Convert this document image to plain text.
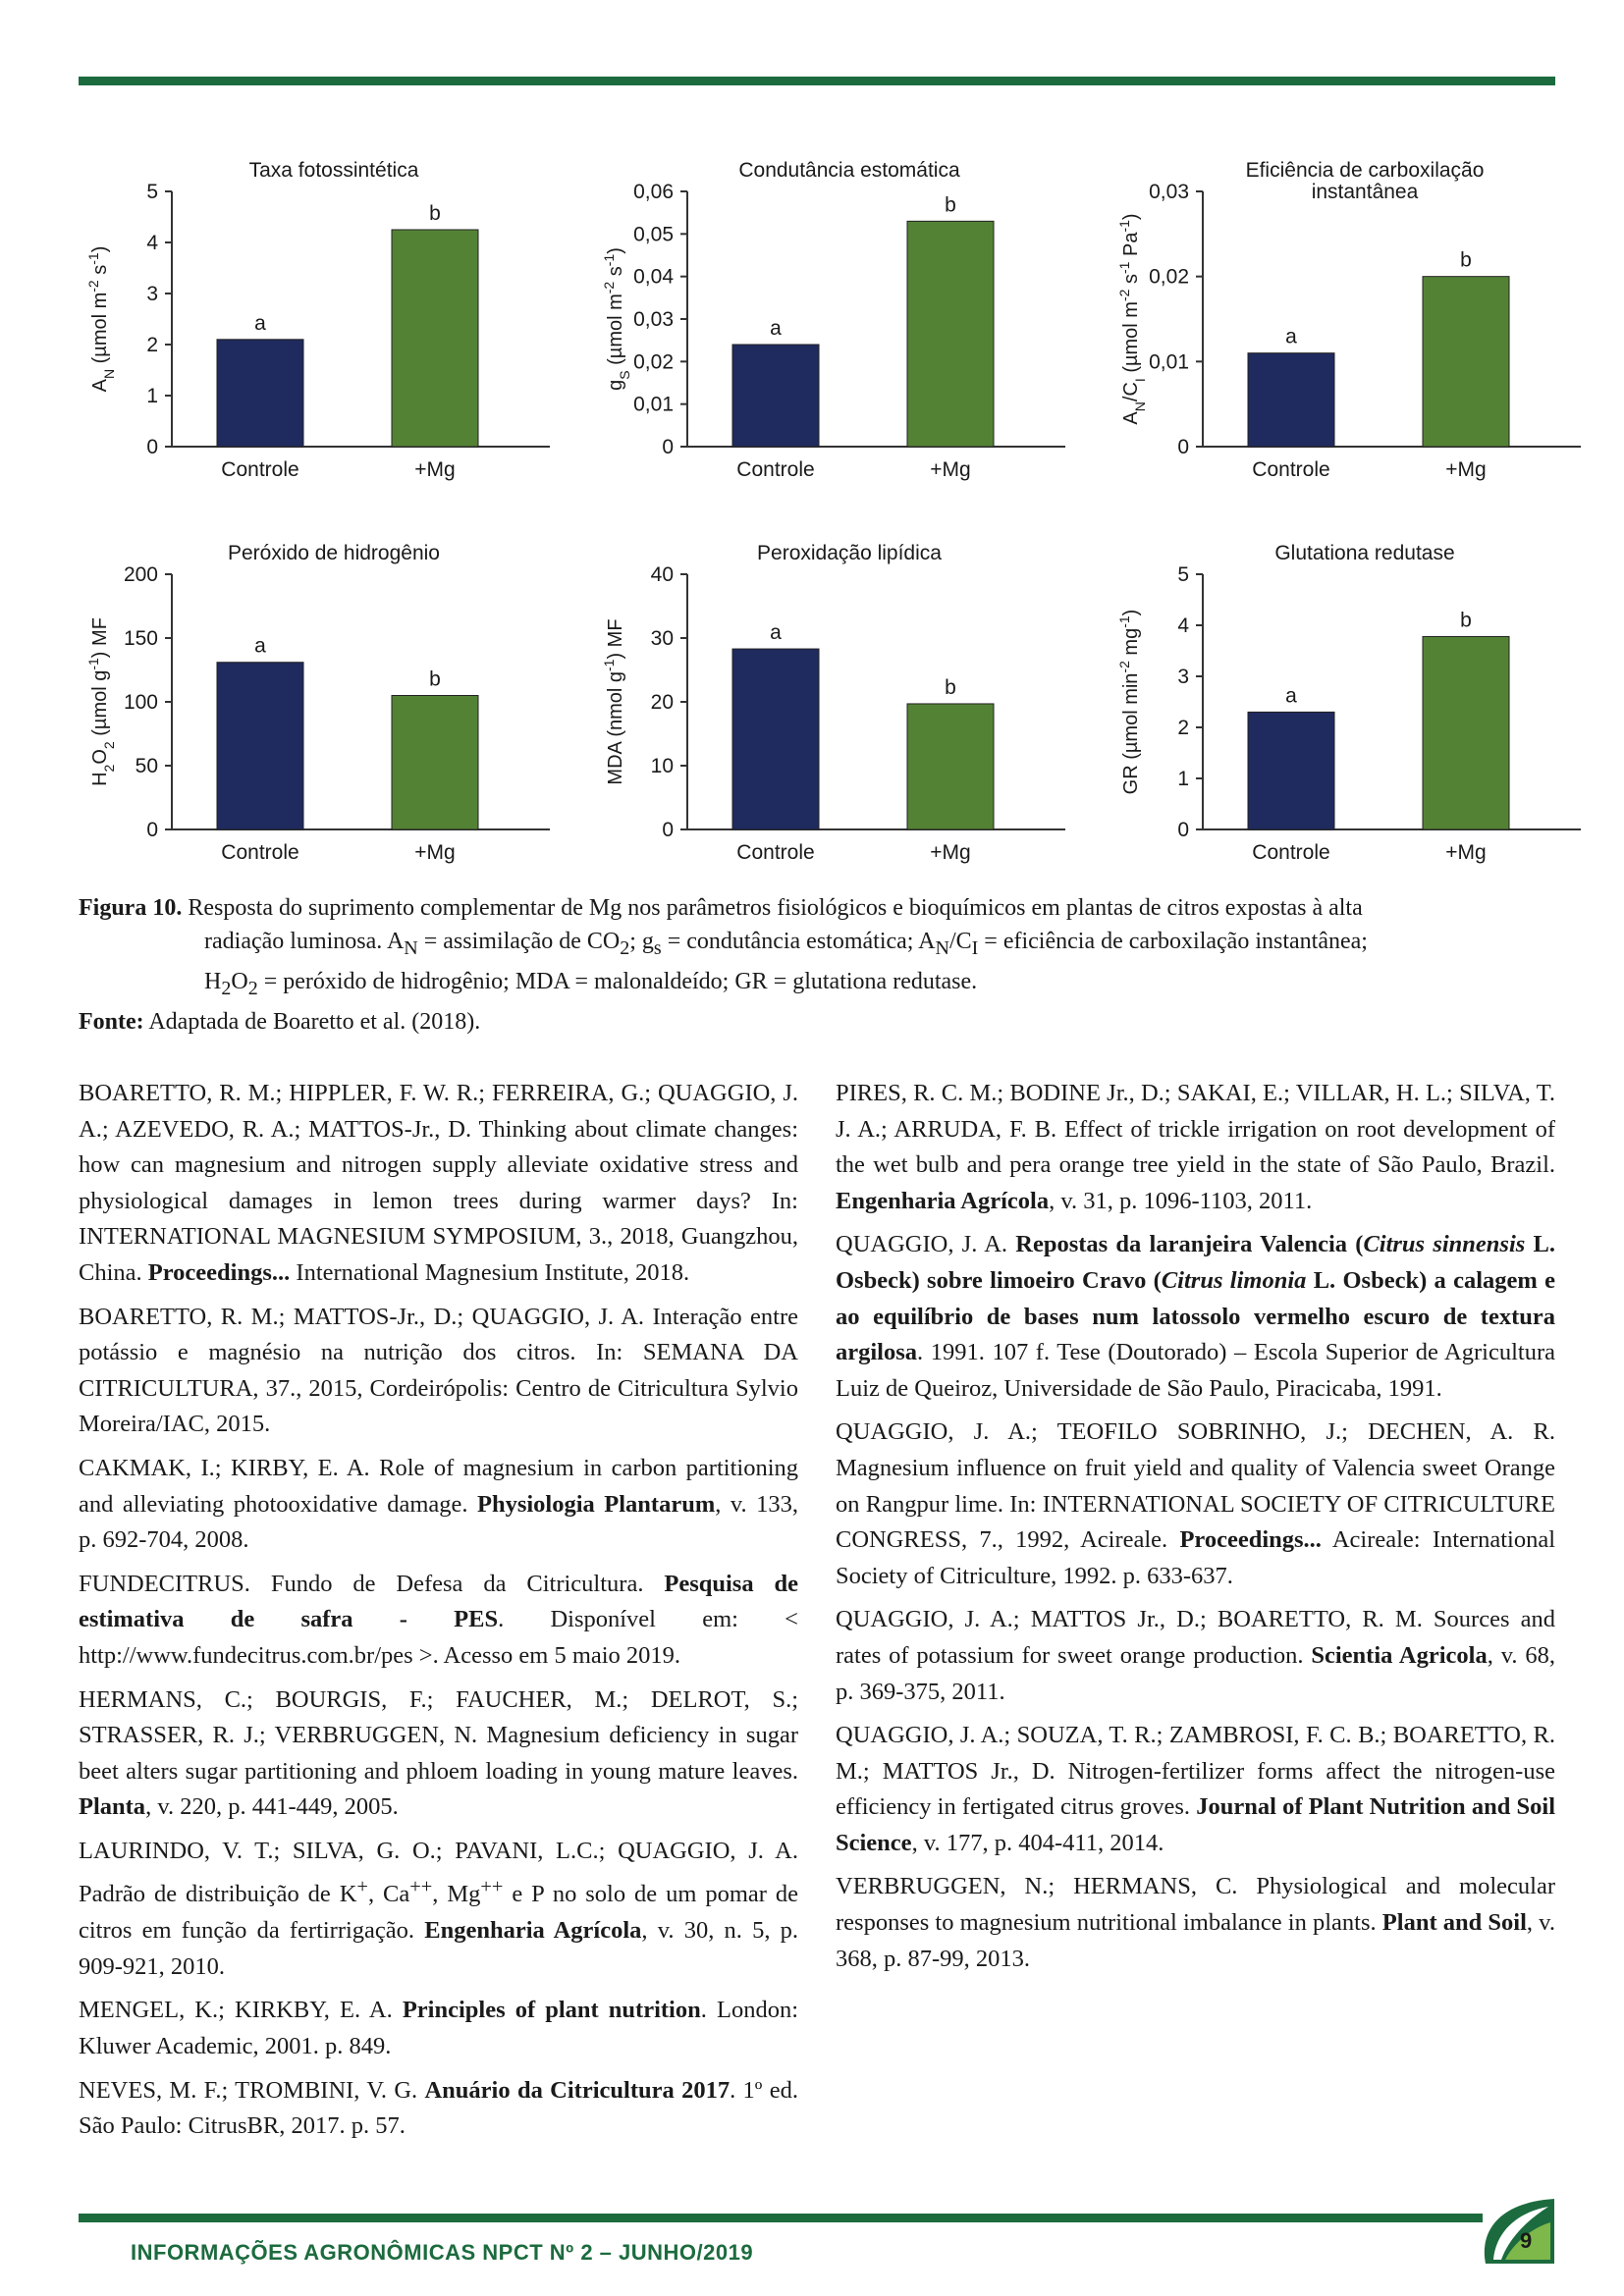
Taxa fotossintética
0
1
2
3
4
5
$A_N$ (µmol $m^{-2}$ $s^{-1}$)
a
Controle
b
+Mg
Condutância estomática
0
0,01
0,02
0,03
0,04
0,05
0,06
$g_S$ (µmol $m^{-2}$ $s^{-1}$)
a
Controle
b
+Mg
Eficiência de carboxilação
instantânea
0
0,01
0,02
0,03
$A_N/C_I$ (µmol $m^{-2}$ $s^{-1}$ $Pa^{-1}$)
a
Controle
b
+Mg
Peróxido de hidrogênio
0
50
100
150
200
$H_2O_2$ (µmol $g^{-1}$) MF	a
Controle
b
+Mg
Peroxidação lipídica
0
10
20
30
40
MDA (nmol $g^{-1}$) MF	a
Controle
b
+Mg
Glutationa redutase
0
1
2
3
4
5
GR (µmol $\min^{-2} mg^{-1}$)
a
Controle
b
+Mg
Figura 10. Resposta do suprimento complementar de Mg nos parâmetros fisiológicos e bioquímicos em plantas de citros expostas à alta
radiação luminosa. $A_N$ = assimilação de $CO_2$; $g_s$ = condutância estomática; $A_N/C_I$ = eficiência de carboxilação instantânea;
$H_2O_2$ = peróxido de hidrogênio; MDA = malonaldeído; GR = glutationa redutase.
Fonte: Adaptada de Boaretto et al. (2018).

BOARETTO, R. M.; HIPPLER, F. W. R.; FERREIRA, G.; QUAGGIO, J. A.; AZEVEDO, R. A.; MATTOS-Jr., D. Thinking about climate changes: how can magnesium and nitrogen supply alleviate oxidative stress and physiological damages in lemon trees during warmer days? In: INTERNATIONAL MAGNESIUM SYMPOSIUM, 3., 2018, Guangzhou, China. Proceedings... International Magnesium Institute, 2018.

BOARETTO, R. M.; MATTOS-Jr., D.; QUAGGIO, J. A. Interação entre potássio e magnésio na nutrição dos citros. In: SEMANA DA CITRICULTURA, 37., 2015, Cordeirópolis: Centro de Citricultura Sylvio Moreira/IAC, 2015.

CAKMAK, I.; KIRBY, E. A. Role of magnesium in carbon partitioning and alleviating photooxidative damage. Physiologia Plantarum, v. 133, p. 692-704, 2008.

FUNDECITRUS. Fundo de Defesa da Citricultura. Pesquisa de estimativa de safra - PES. Disponível em: < http://www.fundecitrus.com.br/pes >. Acesso em 5 maio 2019.

HERMANS, C.; BOURGIS, F.; FAUCHER, M.; DELROT, S.; STRASSER, R. J.; VERBRUGGEN, N. Magnesium deficiency in sugar beet alters sugar partitioning and phloem loading in young mature leaves. Planta, v. 220, p. 441-449, 2005.

LAURINDO, V. T.; SILVA, G. O.; PAVANI, L.C.; QUAGGIO, J. A. Padrão de distribuição de K+, Ca++, Mg++ e P no solo de um pomar de citros em função da fertirrigação. Engenharia Agrícola, v. 30, n. 5, p. 909-921, 2010.

MENGEL, K.; KIRKBY, E. A. Principles of plant nutrition. London: Kluwer Academic, 2001. p. 849.

NEVES, M. F.; TROMBINI, V. G. Anuário da Citricultura 2017. 1º ed. São Paulo: CitrusBR, 2017. p. 57.

PIRES, R. C. M.; BODINE Jr., D.; SAKAI, E.; VILLAR, H. L.; SILVA, T. J. A.; ARRUDA, F. B. Effect of trickle irrigation on root development of the wet bulb and pera orange tree yield in the state of São Paulo, Brazil. Engenharia Agrícola, v. 31, p. 1096-1103, 2011.

QUAGGIO, J. A. Repostas da laranjeira Valencia (Citrus sinnensis L. Osbeck) sobre limoeiro Cravo (Citrus limonia L. Osbeck) a calagem e ao equilíbrio de bases num latossolo vermelho escuro de textura argilosa. 1991. 107 f. Tese (Doutorado) – Escola Superior de Agricultura Luiz de Queiroz, Universidade de São Paulo, Piracicaba, 1991.

QUAGGIO, J. A.; TEOFILO SOBRINHO, J.; DECHEN, A. R. Magnesium influence on fruit yield and quality of Valencia sweet Orange on Rangpur lime. In: INTERNATIONAL SOCIETY OF CITRICULTURE CONGRESS, 7., 1992, Acireale. Proceedings... Acireale: International Society of Citriculture, 1992. p. 633-637.

QUAGGIO, J. A.; MATTOS Jr., D.; BOARETTO, R. M. Sources and rates of potassium for sweet orange production. Scientia Agricola, v. 68, p. 369-375, 2011.

QUAGGIO, J. A.; SOUZA, T. R.; ZAMBROSI, F. C. B.; BOARETTO, R. M.; MATTOS Jr., D. Nitrogen-fertilizer forms affect the nitrogen-use efficiency in fertigated citrus groves. Journal of Plant Nutrition and Soil Science, v. 177, p. 404-411, 2014.

VERBRUGGEN, N.; HERMANS, C. Physiological and molecular responses to magnesium nutritional imbalance in plants. Plant and Soil, v. 368, p. 87-99, 2013.

INFORMAÇÕES AGRONÔMICAS NPCT Nº 2 – JUNHO/2019	9
